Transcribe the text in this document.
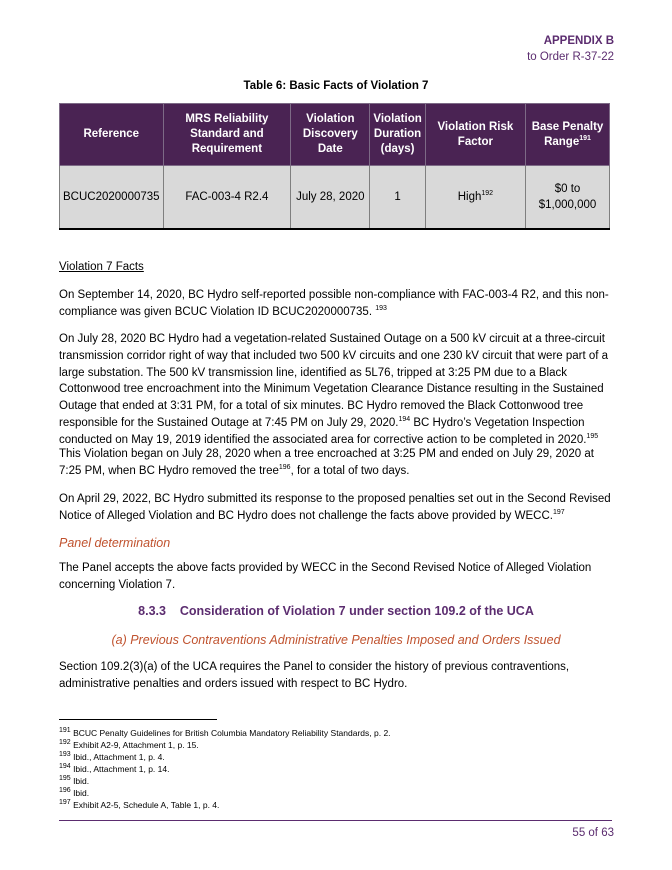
APPENDIX B
to Order R-37-22
Table 6: Basic Facts of Violation 7
Reference	MRS Reliability Standard and Requirement	Violation Discovery Date	Violation Duration (days)	Violation Risk Factor	Base Penalty Range$^{191}$
BCUC2020000735	FAC-003-4 R2.4	July 28, 2020	1	High$^{192}$	$0 to $1,000,000
Violation 7 Facts

On September 14, 2020, BC Hydro self-reported possible non-compliance with FAC-003-4 R2, and this non-compliance was given BCUC Violation ID BCUC2020000735. $^{193}$

On July 28, 2020 BC Hydro had a vegetation-related Sustained Outage on a 500 kV circuit at a three-circuit transmission corridor right of way that included two 500 kV circuits and one 230 kV circuit that were part of a large substation. The 500 kV transmission line, identified as 5L76, tripped at 3:25 PM due to a Black Cottonwood tree encroachment into the Minimum Vegetation Clearance Distance resulting in the Sustained Outage that ended at 3:31 PM, for a total of six minutes. BC Hydro removed the Black Cottonwood tree responsible for the Sustained Outage at 7:45 PM on July 29, 2020.$^{194}$ BC Hydro’s Vegetation Inspection conducted on May 19, 2019 identified the associated area for corrective action to be completed in 2020.$^{195}$

This Violation began on July 28, 2020 when a tree encroached at 3:25 PM and ended on July 29, 2020 at 7:25 PM, when BC Hydro removed the tree$^{196}$, for a total of two days.

On April 29, 2022, BC Hydro submitted its response to the proposed penalties set out in the Second Revised Notice of Alleged Violation and BC Hydro does not challenge the facts above provided by WECC.$^{197}$

Panel determination

The Panel accepts the above facts provided by WECC in the Second Revised Notice of Alleged Violation concerning Violation 7.

8.3.3 Consideration of Violation 7 under section 109.2 of the UCA
(a) Previous Contraventions Administrative Penalties Imposed and Orders Issued

Section 109.2(3)(a) of the UCA requires the Panel to consider the history of previous contraventions, administrative penalties and orders issued with respect to BC Hydro.

$^{191}$ BCUC Penalty Guidelines for British Columbia Mandatory Reliability Standards, p. 2.
$^{192}$ Exhibit A2-9, Attachment 1, p. 15.
$^{193}$ Ibid., Attachment 1, p. 4.
$^{194}$ Ibid., Attachment 1, p. 14.
$^{195}$ Ibid.
$^{196}$ Ibid.
$^{197}$ Exhibit A2-5, Schedule A, Table 1, p. 4.
55 of 63
